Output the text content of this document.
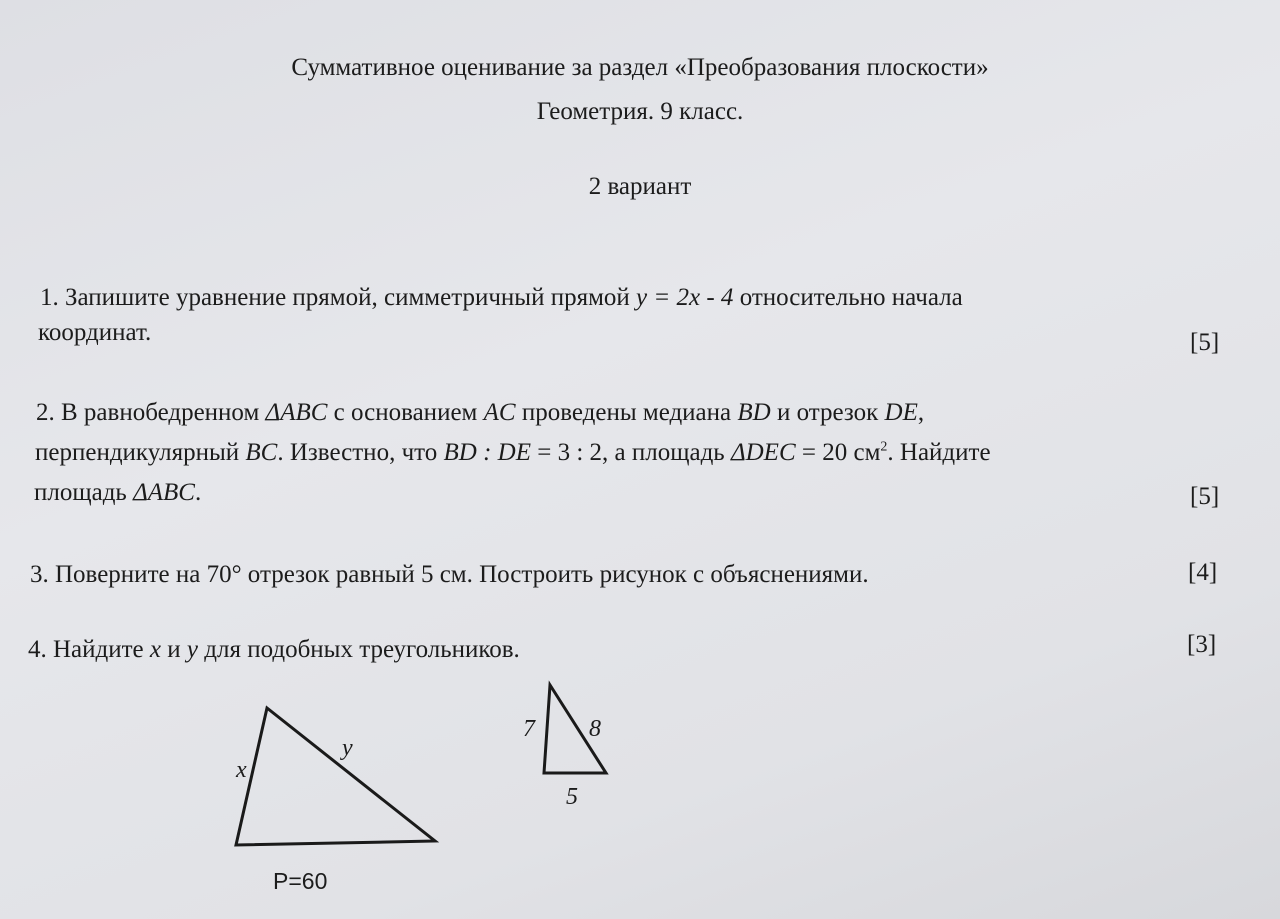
Суммативное оценивание за раздел «Преобразования плоскости»
Геометрия. 9 класс.
2 вариант
1. Запишите уравнение прямой, симметричный прямой y = 2x - 4 относительно начала
координат.	[5]
2. В равнобедренном ΔABC с основанием AC проведены медиана BD и отрезок DE,
перпендикулярный BC. Известно, что BD : DE = 3 : 2, а площадь ΔDEC = 20 $см^2$. Найдите
площадь ΔABC.	[5]
3. Поверните на 70° отрезок равный 5 см. Построить рисунок с объяснениями.	[4]
4. Найдите x и y для подобных треугольников.	[3]
x
y
P=60
7 8
5
